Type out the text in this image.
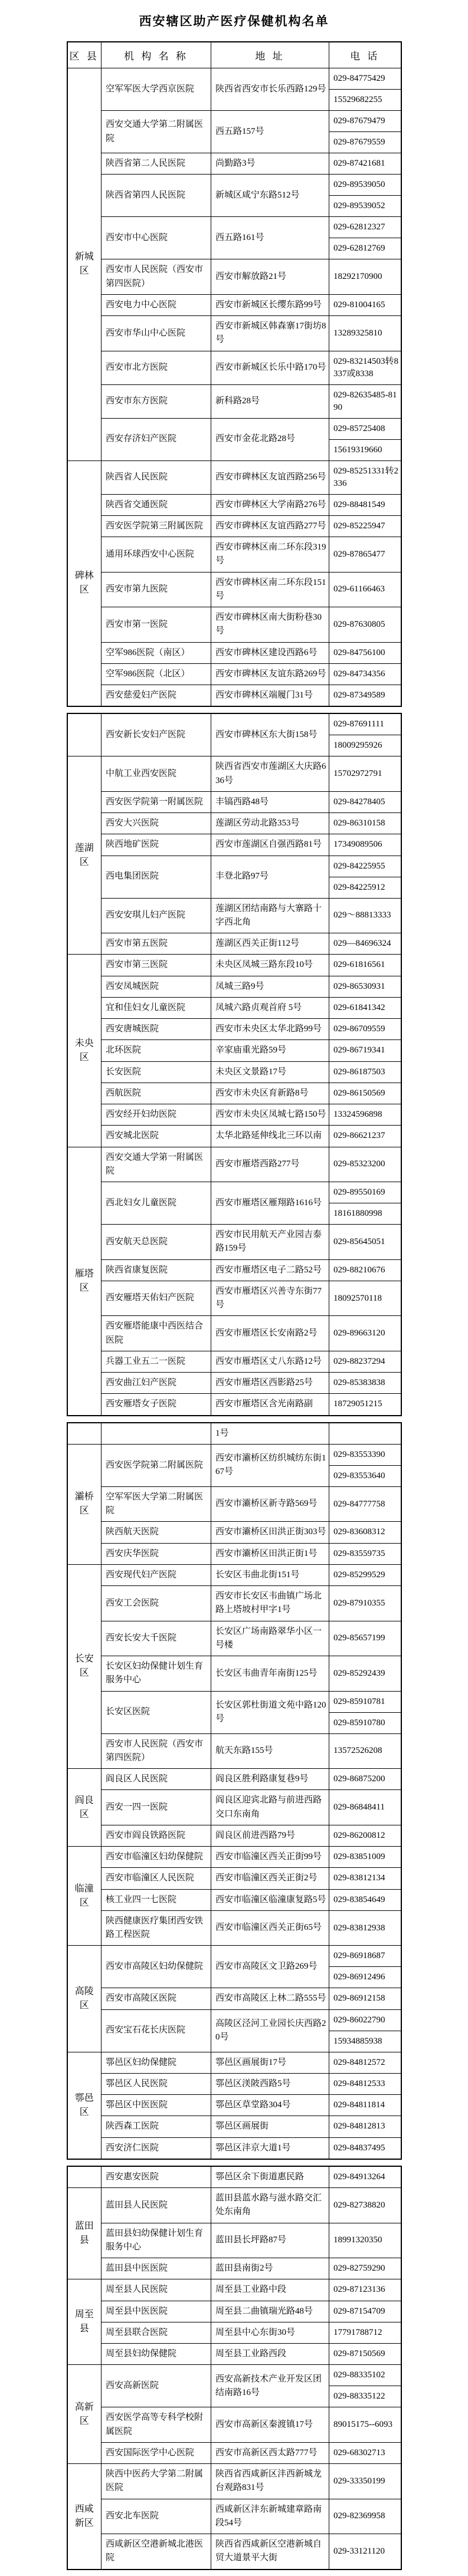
西安辖区助产医疗保健机构名单
区 县	机 构 名 称	地 址	电 话
新城区	空军军医大学西京医院	陕西省西安市长乐西路129号	029-84775429
15529682255

	西安交通大学第二附属医院	西五路157号	029-87679479
029-87679559

	陕西省第二人民医院	尚勤路3号	029-87421681

	陕西省第四人民医院	新城区咸宁东路512号	029-89539050
029-89539052

	西安市中心医院	西五路161号	029-62812327
029-62812769

	西安市人民医院（西安市第四医院）	西安市解放路21号	18292170900

	西安电力中心医院	西安市新城区长缨东路99号	029-81004165

	西安市华山中心医院	西安市新城区韩森寨17街坊8号	13289325810

	西安市北方医院	西安市新城区长乐中路170号	029-83214503转8337或8338

	西安市东方医院	新科路28号	029-82635485-8190

	西安存济妇产医院	西安市金花北路28号	029-85725408
15619319660

碑林区	陕西省人民医院	西安市碑林区友谊西路256号	029-85251331转2336

	陕西省交通医院	西安市碑林区大学南路276号	029-88481549

	西安医学院第三附属医院	西安市碑林区友谊西路277号	029-85225947

	通用环球西安中心医院	西安市碑林区南二环东段319号	029-87865477

	西安市第九医院	西安市碑林区南二环东段151号	029-61166463

	西安市第一医院	西安市碑林区南大街粉巷30号	029-87630805

	空军986医院（南区）	西安市碑林区建设西路6号	029-84756100

	空军986医院（北区）	西安市碑林区友谊东路269号	029-84734356

	西安慈爱妇产医院	西安市碑林区端履门31号	029-87349589
	西安新长安妇产医院	西安市碑林区东大街158号	029-87691111
18009295926

莲湖区	中航工业西安医院	陕西省西安市莲湖区大庆路636号	15702972791

	西安医学院第一附属医院	丰镐西路48号	029-84278405

	西安大兴医院	莲湖区劳动北路353号	029-86310158

	陕西地矿医院	西安市莲湖区自强西路81号	17349089506

	西电集团医院	丰登北路97号	029-84225955
029-84225912

	西安安琪儿妇产医院	莲湖区团结南路与大寨路十字西北角	029～88813333

	西安市第五医院	莲湖区西关正街112号	029—84696324

未央区	西安市第三医院	未央区凤城三路东段10号	029-61816561

	西安凤城医院	凤城三路9号	029-86530931

	宜和佳妇女儿童医院	凤城六路贞观首府 5号	029-61841342

	西安唐城医院	西安市未央区太华北路99号	029-86709559

	北环医院	辛家庙重光路59号	029-86719341

	长安医院	未央区文景路17号	029-86187503

	西航医院	西安市未央区育新路8号	029-86150569

	西安经开妇幼医院	西安市未央区凤城七路150号	13324596898

	西安城北医院	太华北路延伸线北三环以南	029-86621237

雁塔区	西安交通大学第一附属医院	西安市雁塔西路277号	029-85323200

	西北妇女儿童医院	西安市雁塔区雁翔路1616号	029-89550169
18161880998

	西安航天总医院	西安市民用航天产业园吉泰路159号	029-85645051

	陕西省康复医院	西安市雁塔区电子二路52号	029-88210676

	西安雁塔天佑妇产医院	西安市雁塔区兴善寺东街77号	18092570118

	西安雁塔能康中西医结合医院	西安市雁塔区长安南路2号	029-89663120

	兵器工业五二一医院	西安市雁塔区丈八东路12号	029-88237294

	西安曲江妇产医院	西安市雁塔区西影路25号	029-85383838

	西安雁塔女子医院	西安市雁塔区含光南路副	18729051215
		1号	
灞桥区	西安医学院第二附属医院	西安市灞桥区纺织城纺东街167号	029-83553390
029-83553640

	空军军医大学第二附属医院	西安市灞桥区新寺路569号	029-84777758

	陕西航天医院	西安市灞桥区田洪正街303号	029-83608312

	西安庆华医院	西安市灞桥区田洪正街1号	029-83559735

长安区	西安现代妇产医院	长安区韦曲北街151号	029-85299529

	西安工会医院	西安市长安区韦曲镇广场北路上塔坡村甲字1号	029-87910355

	西安长安大千医院	长安区广场南路翠华小区一号楼	029-85657199

	长安区妇幼保健计划生育服务中心	长安区韦曲青年南街125号	029-85292439

	长安区医院	长安区郭杜街道文苑中路120号	029-85910781
029-85910780

	西安市人民医院（西安市第四医院）	航天东路155号	13572526208

阎良区	阎良区人民医院	阎良区胜利路康复巷9号	029-86875200

	西安一四一医院	阎良区迎宾北路与前进西路交口东南角	029-86848411

	西安市阎良铁路医院	阎良区前进西路79号	029-86200812

临潼区	西安市临潼区妇幼保健院	西安市临潼区西关正街99号	029-83851009

	西安市临潼区人民医院	西安市临潼区西关正街2号	029-83812134

	核工业四一七医院	西安市临潼区临潼康复路5号	029-83854649

	陕西健康医疗集团西安铁路工程医院	西安市临潼区西关正街65号	029-83812938

高陵区	西安市高陵区妇幼保健院	西安市高陵区文卫路269号	029-86918687
029-86912496

	西安市高陵区医院	西安市高陵区上林二路555号	029-86912158

	西安宝石花长庆医院	高陵区泾河工业园长庆西路20号	029-86022790
15934885938

鄠邑区	鄠邑区妇幼保健院	鄠邑区画展街17号	029-84812572

	鄠邑区人民医院	鄠邑区渼陂西路5号	029-84812533

	鄠邑区中医医院	鄠邑区草堂路304号	029-84811814

	陕西森工医院	鄠邑区画展街	029-84812813

	西安济仁医院	鄠邑区沣京大道1号	029-84837495
	西安惠安医院	鄠邑区余下街道惠民路	029-84913264

蓝田县	蓝田县人民医院	蓝田县蓝水路与滋水路交汇处东南角	029-82738820

	蓝田县妇幼保健计划生育服务中心	蓝田县长坪路87号	18991320350

	蓝田县中医医院	蓝田县南街2号	029-82759290

周至县	周至县人民医院	周至县工业路中段	029-87123136

	周至县中医医院	周至县二曲镇瑞光路48号	029-87154709

	周至县联合医院	周至县中心东街30号	17791788712

	周至县妇幼保健院	周至县工业路西段	029-87150569

高新区	西安高新医院	西安高新技术产业开发区团结南路16号	029-88335102
029-88335122

	西安医学高等专科学校附属医院	西安市高新区秦渡镇17号	89015175--6093

	西安国际医学中心医院	西安市高新区西太路777号	029-68302713

西咸新区	陕西中医药大学第二附属医院	陕西省西咸新区沣西新城龙台观路831号	029-33350199

	西安北车医院	西咸新区沣东新城建章路南段54号	029-82369958

	西咸新区空港新城北港医院	陕西省西咸新区空港新城自贸大道景平大街	029-33121120
